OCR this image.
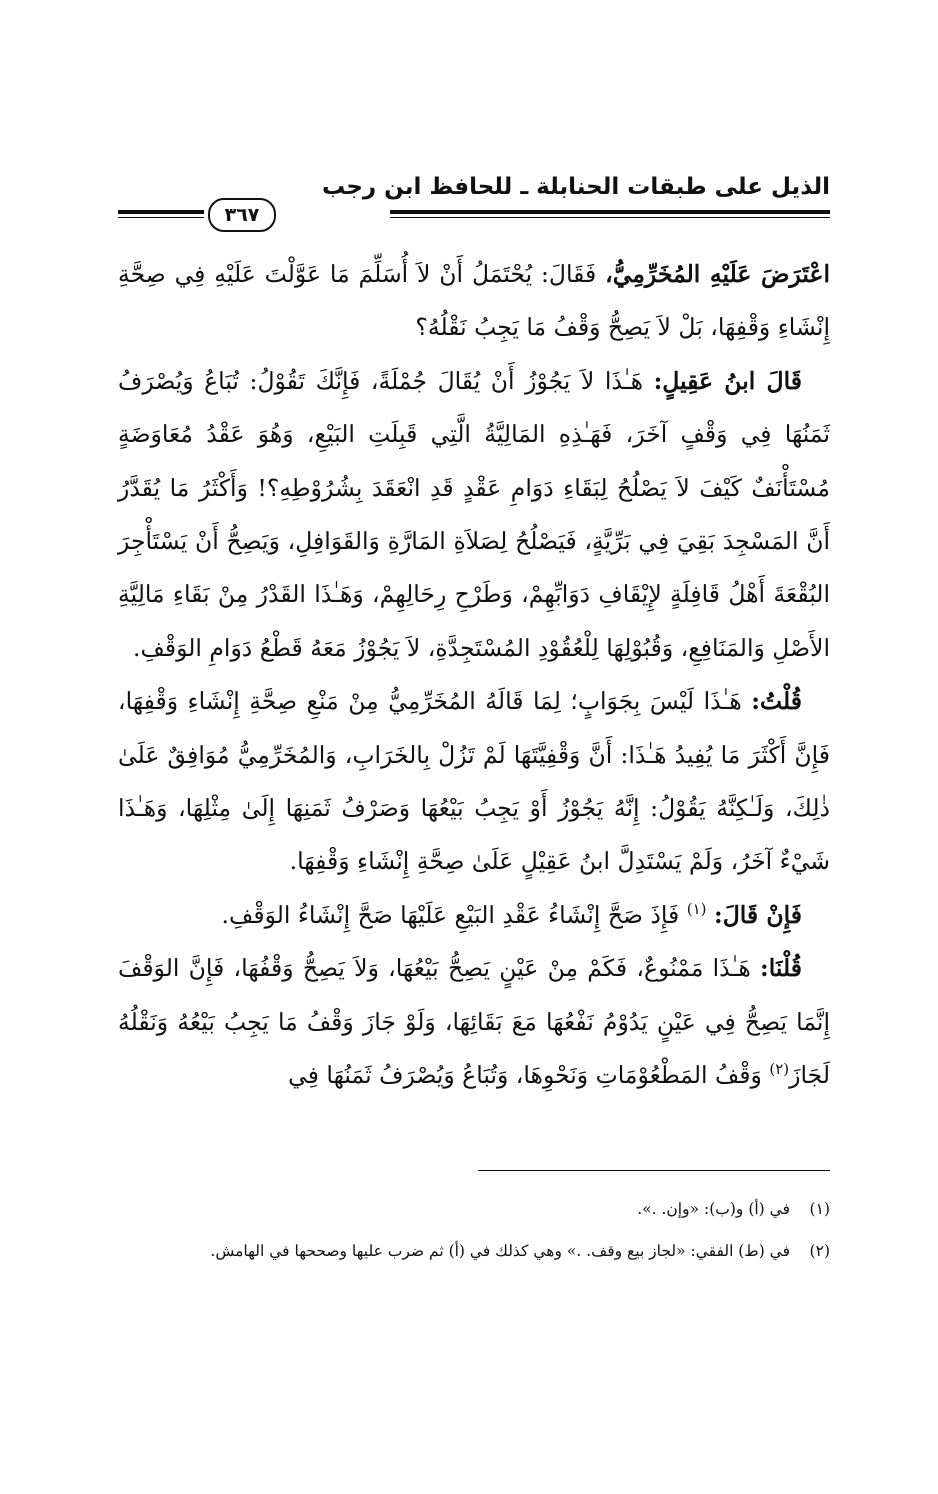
الذيل على طبقات الحنابلة ـ للحافظ ابن رجب
٣٦٧

اعْتَرَضَ عَلَيْهِ المُخَرِّمِيُّ، فَقَالَ: يُحْتَمَلُ أَنْ لاَ أُسَلِّمَ مَا عَوَّلْتَ عَلَيْهِ فِي صِحَّةِ إِنْشَاءِ وَقْفِهَا، بَلْ لاَ يَصِحُّ وَقْفُ مَا يَجِبُ نَقْلُهُ؟

قَالَ ابنُ عَقِيلٍ: هَـٰذَا لاَ يَجُوْزُ أَنْ يُقَالَ جُمْلَةً، فَإِنَّكَ تَقُوْلُ: تُبَاعُ وَيُصْرَفُ ثَمَنُهَا فِي وَقْفٍ آخَرَ، فَهَـٰذِهِ المَالِيَّةُ الَّتِي قَبِلَتِ البَيْعِ، وَهُوَ عَقْدُ مُعَاوَضَةٍ مُسْتَأْنَفٌ كَيْفَ لاَ يَصْلُحُ لِبَقَاءِ دَوَامِ عَقْدٍ قَدِ انْعَقَدَ بِشُرُوْطِهِ؟! وَأَكْثَرُ مَا يُقَدَّرُ أَنَّ المَسْجِدَ بَقِيَ فِي بَرِّيَّةٍ، فَيَصْلُحُ لِصَلاَةِ المَارَّةِ وَالقَوَافِلِ، وَيَصِحُّ أَنْ يَسْتَأْجِرَ البُقْعَةَ أَهْلُ قَافِلَةٍ لإِيْقَافِ دَوَابِّهِمْ، وَطَرْحِ رِحَالِهِمْ، وَهَـٰذَا القَدْرُ مِنْ بَقَاءِ مَالِيَّةِ الأَصْلِ وَالمَنَافِعِ، وَقُبُوْلِهَا لِلْعُقُوْدِ المُسْتَجِدَّةِ، لاَ يَجُوْزُ مَعَهُ قَطْعُ دَوَامِ الوَقْفِ.

قُلْتُ: هَـٰذَا لَيْسَ بِجَوَابٍ؛ لِمَا قَالَهُ المُخَرِّمِيُّ مِنْ مَنْعِ صِحَّةِ إِنْشَاءِ وَقْفِهَا، فَإِنَّ أَكْثَرَ مَا يُفِيدُ هَـٰذَا: أَنَّ وَقْفِيَّتَهَا لَمْ تَزُلْ بِالخَرَابِ، وَالمُخَرِّمِيُّ مُوَافِقٌ عَلَىٰ ذٰلِكَ، وَلَـٰكِنَّهُ يَقُوْلُ: إِنَّهُ يَجُوْزُ أَوْ يَجِبُ بَيْعُهَا وَصَرْفُ ثَمَنِهَا إِلَىٰ مِثْلِهَا، وَهَـٰذَا شَيْءٌ آخَرُ، وَلَمْ يَسْتَدِلَّ ابنُ عَقِيْلٍ عَلَىٰ صِحَّةِ إِنْشَاءِ وَقْفِهَا.

فَإِنْ قَالَ: $^{(١)}$ فَإِذَ صَحَّ إِنْشَاءُ عَقْدِ البَيْعِ عَلَيْهَا صَحَّ إِنْشَاءُ الوَقْفِ.

قُلْنَا: هَـٰذَا مَمْنُوعٌ، فَكَمْ مِنْ عَيْنٍ يَصِحُّ بَيْعُهَا، وَلاَ يَصِحُّ وَقْفُهَا، فَإِنَّ الوَقْفَ إِنَّمَا يَصِحُّ فِي عَيْنٍ يَدُوْمُ نَفْعُهَا مَعَ بَقَائِهَا، وَلَوْ جَازَ وَقْفُ مَا يَجِبُ بَيْعُهُ وَنَقْلُهُ لَجَازَ$^{(٢)}$ وَقْفُ المَطْعُوْمَاتِ وَنَحْوِهَا، وَتُبَاعُ وَيُصْرَفُ ثَمَنُهَا فِي

(١)في (أ) و(ب): «وإن. .».
(٢)في (ط) الفقي: «لجاز بيع وقف. .» وهي كذلك في (أ) ثم ضرب عليها وصححها في الهامش.
